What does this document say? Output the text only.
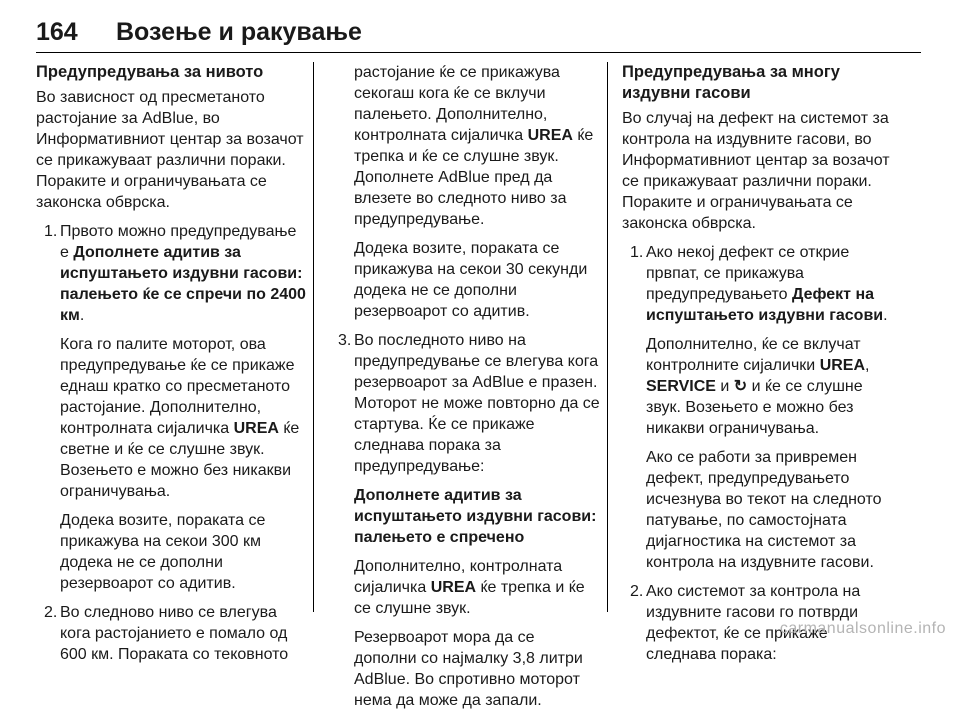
164 Возење и ракување
Предупредувања за нивото

Во зависност од пресметаното растојание за AdBlue, во Информативниот центар за возачот се прикажуваат различни пораки. Пораките и ограничувањата се законска обврска.

1. Првото можно предупредување е Дополнете адитив за испуштањето издувни гасови: палењето ќе се спречи по 2400 км.

Кога го палите моторот, ова предупредување ќе се прикаже еднаш кратко со пресметаното растојание. Дополнително, контролната сијаличка UREA ќе светне и ќе се слушне звук. Возењето е можно без никакви ограничувања.

Додека возите, пораката се прикажува на секои 300 км додека не се дополни резервоарот со адитив.

2. Во следново ниво се влегува кога растојанието е помало од 600 км. Пораката со тековното

растојание ќе се прикажува секогаш кога ќе се вклучи палењето. Дополнително, контролната сијаличка UREA ќе трепка и ќе се слушне звук. Дополнете AdBlue пред да влезете во следното ниво за предупредување.

Додека возите, пораката се прикажува на секои 30 секунди додека не се дополни резервоарот со адитив.

3. Во последното ниво на предупредување се влегува кога резервоарот за AdBlue е празен. Моторот не може повторно да се стартува. Ќе се прикаже следнава порака за предупредување:

Дополнете адитив за испуштањето издувни гасови: палењето е спречено

Дополнително, контролната сијаличка UREA ќе трепка и ќе се слушне звук.

Резервоарот мора да се дополни со најмалку 3,8 литри AdBlue. Во спротивно моторот нема да може да запали.

Предупредувања за многу издувни гасови

Во случај на дефект на системот за контрола на издувните гасови, во Информативниот центар за возачот се прикажуваат различни пораки. Пораките и ограничувањата се законска обврска.

1. Ако некој дефект се открие првпат, се прикажува предупредувањето Дефект на испуштањето издувни гасови.

Дополнително, ќе се вклучат контролните сијалички UREA, SERVICE и ↻ и ќе се слушне звук. Возењето е можно без никакви ограничувања.

Ако се работи за привремен дефект, предупредувањето исчезнува во текот на следното патување, по самостојната дијагностика на системот за контрола на издувните гасови.

2. Ако системот за контрола на издувните гасови го потврди дефектот, ќе се прикаже следнава порака:
carmanualsonline.info
